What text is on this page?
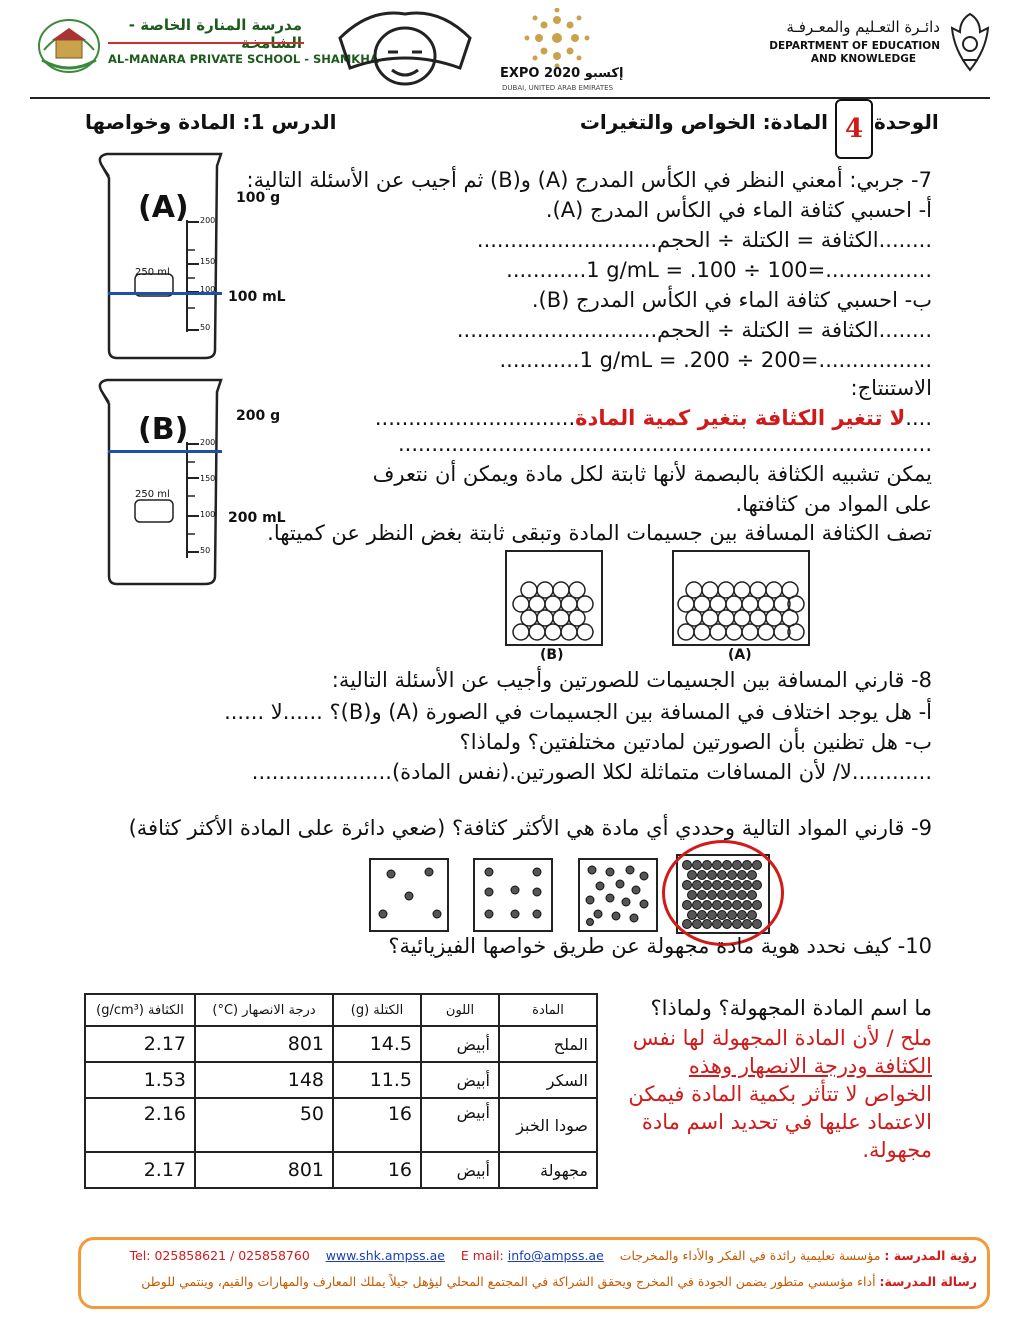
مدرسة المنارة الخاصة - الشامخة
AL-MANARA PRIVATE SCHOOL - SHAMKHA
EXPO 2020 إكسبو
DUBAI, UNITED ARAB EMIRATES
دائـرة التعـليم والمعـرفـة
DEPARTMENT OF EDUCATION
AND KNOWLEDGE
الوحدة
4
المادة: الخواص والتغيرات
الدرس 1: المادة وخواصها
(A)
250 ml
200
150
100
50
100 g
100 mL
(B)
250 ml
200
150
100
50
200 g
200 mL
7- جربي: أمعني النظر في الكأس المدرج (A) و(B) ثم أجيب عن الأسئلة التالية:
أ- احسبي كثافة الماء في الكأس المدرج (A).
........الكثافة = الكتلة ÷ الحجم...........................
............1 g/mL = .100 ÷ 100=................
ب- احسبي كثافة الماء في الكأس المدرج (B).
........الكثافة = الكتلة ÷ الحجم..............................
............1 g/mL = .200 ÷ 200=.................
الاستنتاج:
....لا تتغير الكثافة بتغير كمية المادة..............................
................................................................................
يمكن تشبيه الكثافة بالبصمة لأنها ثابتة لكل مادة ويمكن أن نتعرف
على المواد من كثافتها.
تصف الكثافة المسافة بين جسيمات المادة وتبقى ثابتة بغض النظر عن كميتها.
(B)	(A)
8- قارني المسافة بين الجسيمات للصورتين وأجيب عن الأسئلة التالية:
أ- هل يوجد اختلاف في المسافة بين الجسيمات في الصورة (A) و(B)؟ ......لا ......
ب- هل تظنين بأن الصورتين لمادتين مختلفتين؟ ولماذا؟
............لا/ لأن المسافات متماثلة لكلا الصورتين.(نفس المادة).....................
9- قارني المواد التالية وحددي أي مادة هي الأكثر كثافة؟ (ضعي دائرة على المادة الأكثر كثافة)
10- كيف نحدد هوية مادة مجهولة عن طريق خواصها الفيزيائية؟
المادة	اللون	الكتلة (g)	درجة الانصهار (C°)	الكثافة (g/cm³)
الملح	أبيض	14.5	801	2.17
السكر	أبيض	11.5	148	1.53
صودا الخبز	أبيض	16	50	2.16
مجهولة	أبيض	16	801	2.17
ما اسم المادة المجهولة؟ ولماذا؟
ملح / لأن المادة المجهولة لها نفس
الكثافة ودرجة الانصهار وهذه
الخواص لا تتأثر بكمية المادة فيمكن
الاعتماد عليها في تحديد اسم مادة
مجهولة.
رؤية المدرسة : مؤسسة تعليمية رائدة في الفكر والأداء والمخرجات    Tel: 025858621 / 025858760 www.shk.ampss.ae E mail: info@ampss.ae
رسالة المدرسة: أداء مؤسسي متطور يضمن الجودة في المخرج ويحقق الشراكة في المجتمع المحلي ليؤهل جيلاً يملك المعارف والمهارات والقيم، وينتمي للوطن
